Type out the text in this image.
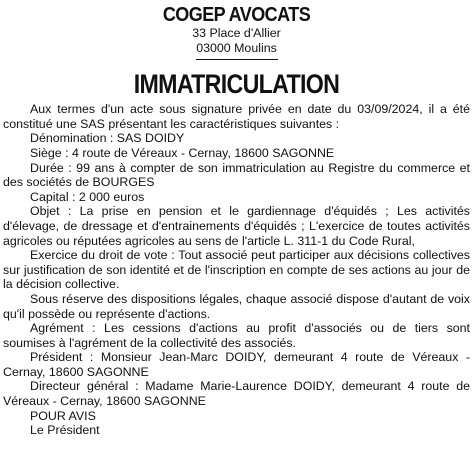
COGEP AVOCATS
33 Place d'Allier
03000 Moulins
IMMATRICULATION

Aux termes d'un acte sous signature privée en date du 03/09/2024, il a été constitué une SAS présentant les caractéristiques suivantes :

Dénomination : SAS DOIDY

Siège : 4 route de Véreaux - Cernay, 18600 SAGONNE

Durée : 99 ans à compter de son immatriculation au Registre du commerce et des sociétés de BOURGES

Capital : 2 000 euros

Objet : La prise en pension et le gardiennage d'équidés ; Les activités d'élevage, de dressage et d'entrainements d'équidés ; L'exercice de toutes activités agricoles ou réputées agricoles au sens de l'article L. 311-1 du Code Rural,

Exercice du droit de vote : Tout associé peut participer aux décisions collectives sur justification de son identité et de l'inscription en compte de ses actions au jour de la décision collective.

Sous réserve des dispositions légales, chaque associé dispose d'autant de voix qu'il possède ou représente d'actions.

Agrément : Les cessions d'actions au profit d'associés ou de tiers sont soumises à l'agrément de la collectivité des associés.

Président : Monsieur Jean-Marc DOIDY, demeurant 4 route de Véreaux - Cernay, 18600 SAGONNE

Directeur général : Madame Marie-Laurence DOIDY, demeurant 4 route de Véreaux - Cernay, 18600 SAGONNE

POUR AVIS

Le Président
